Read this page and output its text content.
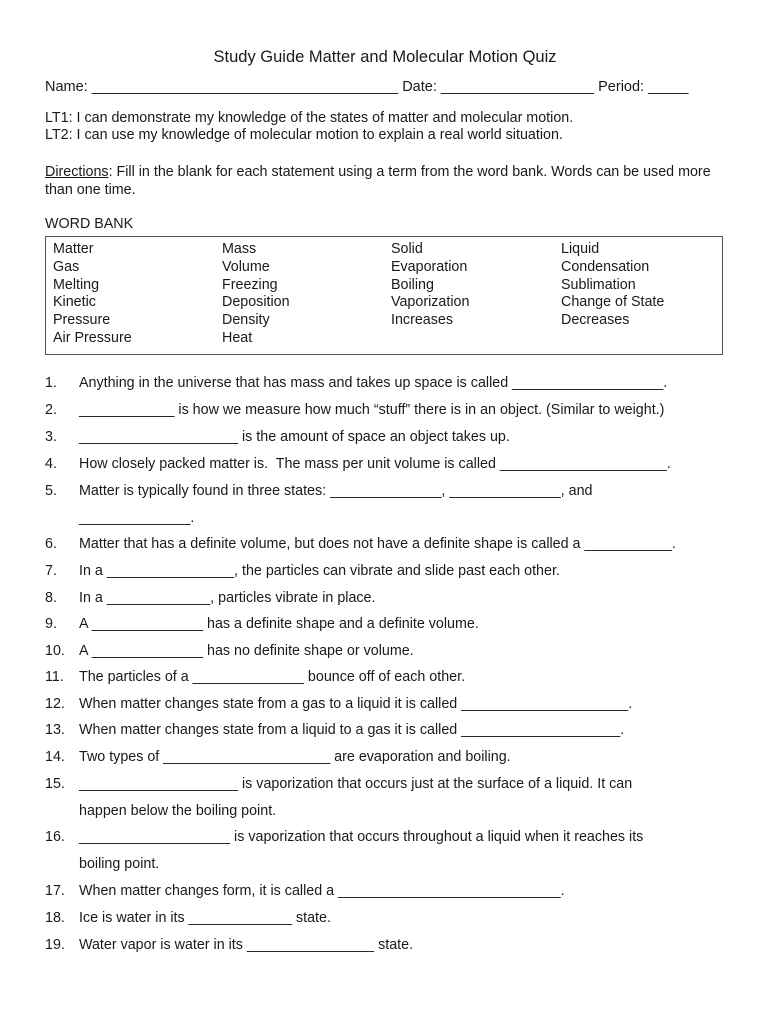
Study Guide Matter and Molecular Motion Quiz
Name: ______________________________________ Date: ___________________ Period: _____
LT1: I can demonstrate my knowledge of the states of matter and molecular motion.
LT2: I can use my knowledge of molecular motion to explain a real world situation.
Directions: Fill in the blank for each statement using a term from the word bank. Words can be used more than one time.
WORD BANK
Matter
Gas
Melting
Kinetic
Pressure
Air Pressure
Mass
Volume
Freezing
Deposition
Density
Heat
Solid
Evaporation
Boiling
Vaporization
Increases
Liquid
Condensation
Sublimation
Change of State
Decreases
1. Anything in the universe that has mass and takes up space is called ___________________.
2. ____________ is how we measure how much “stuff” there is in an object. (Similar to weight.)
3. ____________________ is the amount of space an object takes up.
4. How closely packed matter is.  The mass per unit volume is called _____________________.
5. Matter is typically found in three states: ______________, ______________, and
______________.
6. Matter that has a definite volume, but does not have a definite shape is called a ___________.
7. In a ________________, the particles can vibrate and slide past each other.
8. In a _____________, particles vibrate in place.
9. A ______________ has a definite shape and a definite volume.
10. A ______________ has no definite shape or volume.
11. The particles of a ______________ bounce off of each other.
12. When matter changes state from a gas to a liquid it is called _____________________.
13. When matter changes state from a liquid to a gas it is called ____________________.
14. Two types of _____________________ are evaporation and boiling.
15. ____________________ is vaporization that occurs just at the surface of a liquid. It can
happen below the boiling point.
16. ___________________ is vaporization that occurs throughout a liquid when it reaches its
boiling point.
17. When matter changes form, it is called a ____________________________.
18. Ice is water in its _____________ state.
19. Water vapor is water in its ________________ state.
